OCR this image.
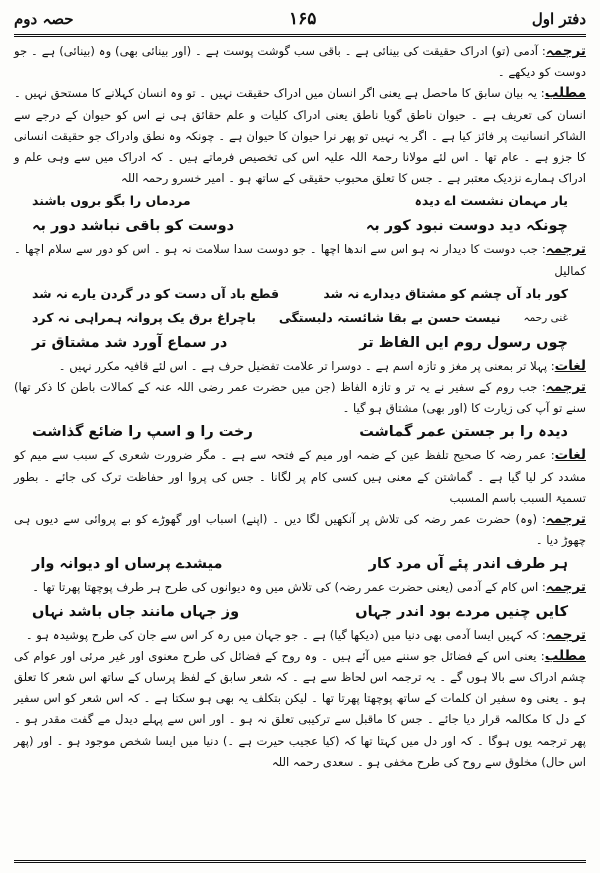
دفتر اول
۱۶۵
حصہ دوم

ترجمہ: آدمی (تو) ادراک حقیقت کی بینائی ہے ۔ باقی سب گوشت پوست ہے ۔ (اور بینائی بھی) وہ (بینائی) ہے ۔ جو دوست کو دیکھے ۔

مطلب: یہ بیان سابق کا ماحصل ہے یعنی اگر انسان میں ادراک حقیقت نہیں ۔ تو وہ انسان کہلانے کا مستحق نہیں ۔ انسان کی تعریف ہے ۔ حیوان ناطق گویا ناطق یعنی ادراک کلیات و علم حقائق ہی نے اس کو حیوان کے درجے سے الشاکر انسانیت پر فائز کیا ہے ۔ اگر یہ نہیں تو پھر نرا حیوان کا حیوان ہے ۔ چونکہ وہ نطق وادراک جو حقیقت انسانی کا جزو ہے ۔ عام تھا ۔ اس لئے مولانا رحمۃ اللہ علیہ اس کی تخصیص فرماتے ہیں ۔ کہ ادراک میں سے وہی علم و ادراک ہمارے نزدیک معتبر ہے ۔ جس کا تعلق محبوب حقیقی کے ساتھ ہو ۔ امیر خسرو رحمہ اللہ

یار مہمان نشست اے دیدہ
مردماں را بگو بروں باشند
چونکہ دید دوست نبود کور بہ
دوست کو باقی نباشد دور بہ

ترجمہ: جب دوست کا دیدار نہ ہو اس سے اندھا اچھا ۔ جو دوست سدا سلامت نہ ہو ۔ اس کو دور سے سلام اچھا ۔ کمالیل

کور باد آں چشم کو مشتاق دیدارے نہ شد
قطع باد آں دست کو در گردن یارے نہ شد
غنی رحمہ
نیست حسن بے بقا شائستہ دلبستگی
باچراغ برق یک پروانہ ہمراہی نہ کرد
چوں رسول روم ایں الفاظ تر
در سماع آورد شد مشتاق تر

لغات: پہلا تر بمعنی پر مغز و تازہ اسم ہے ۔ دوسرا تر علامت تفضیل حرف ہے ۔ اس لئے قافیہ مکرر نہیں ۔

ترجمہ: جب روم کے سفیر نے یہ تر و تازہ الفاظ (جن میں حضرت عمر رضی اللہ عنہ کے کمالات باطن کا ذکر تھا) سنے تو آپ کی زیارت کا (اور بھی) مشتاق ہو گیا ۔

دیدہ را بر جستن عمر گماشت
رخت را و اسپ را ضائع گذاشت

لغات: عمر رضہ کا صحیح تلفظ عین کے ضمہ اور میم کے فتحہ سے ہے ۔ مگر ضرورت شعری کے سبب سے میم کو مشدد کر لیا گیا ہے ۔ گماشتن کے معنی ہیں کسی کام پر لگانا ۔ جس کی پروا اور حفاظت ترک کی جائے ۔ بطور تسمیۃ السبب باسم المسبب

ترجمہ: (وہ) حضرت عمر رضہ کی تلاش پر آنکھیں لگا دیں ۔ (اپنے) اسباب اور گھوڑے کو بے پروائی سے دیوں ہی چھوڑ دیا ۔

ہر طرف اندر پئے آں مرد کار
میشدے پرساں او دیوانہ وار

ترجمہ: اس کام کے آدمی (یعنی حضرت عمر رضہ) کی تلاش میں وہ دیوانوں کی طرح ہر طرف پوچھتا پھرتا تھا ۔

کایں چنیں مردے بود اندر جہاں
وز جہاں مانند جاں باشد نہاں

ترجمہ: کہ کہیں ایسا آدمی بھی دنیا میں (دیکھا گیا) ہے ۔ جو جہان میں رہ کر اس سے جان کی طرح پوشیدہ ہو ۔

مطلب: یعنی اس کے فضائل جو سننے میں آئے ہیں ۔ وہ روح کے فضائل کی طرح معنوی اور غیر مرئی اور عوام کی چشم ادراک سے بالا ہوں گے ۔ یہ ترجمہ اس لحاظ سے ہے ۔ کہ شعر سابق کے لفظ پرساں کے ساتھ اس شعر کا تعلق ہو ۔ یعنی وہ سفیر ان کلمات کے ساتھ پوچھتا پھرتا تھا ۔ لیکن بتکلف یہ بھی ہو سکتا ہے ۔ کہ اس شعر کو اس سفیر کے دل کا مکالمہ قرار دیا جائے ۔ جس کا ماقبل سے ترکیبی تعلق نہ ہو ۔ اور اس سے پہلے دیدل مے گفت مقدر ہو ۔ پھر ترجمہ یوں ہوگا ۔ کہ اور دل میں کہتا تھا کہ (کیا عجیب حیرت ہے ۔) دنیا میں ایسا شخص موجود ہو ۔ اور (پھر اس حال) مخلوق سے روح کی طرح مخفی ہو ۔ سعدی رحمہ اللہ
